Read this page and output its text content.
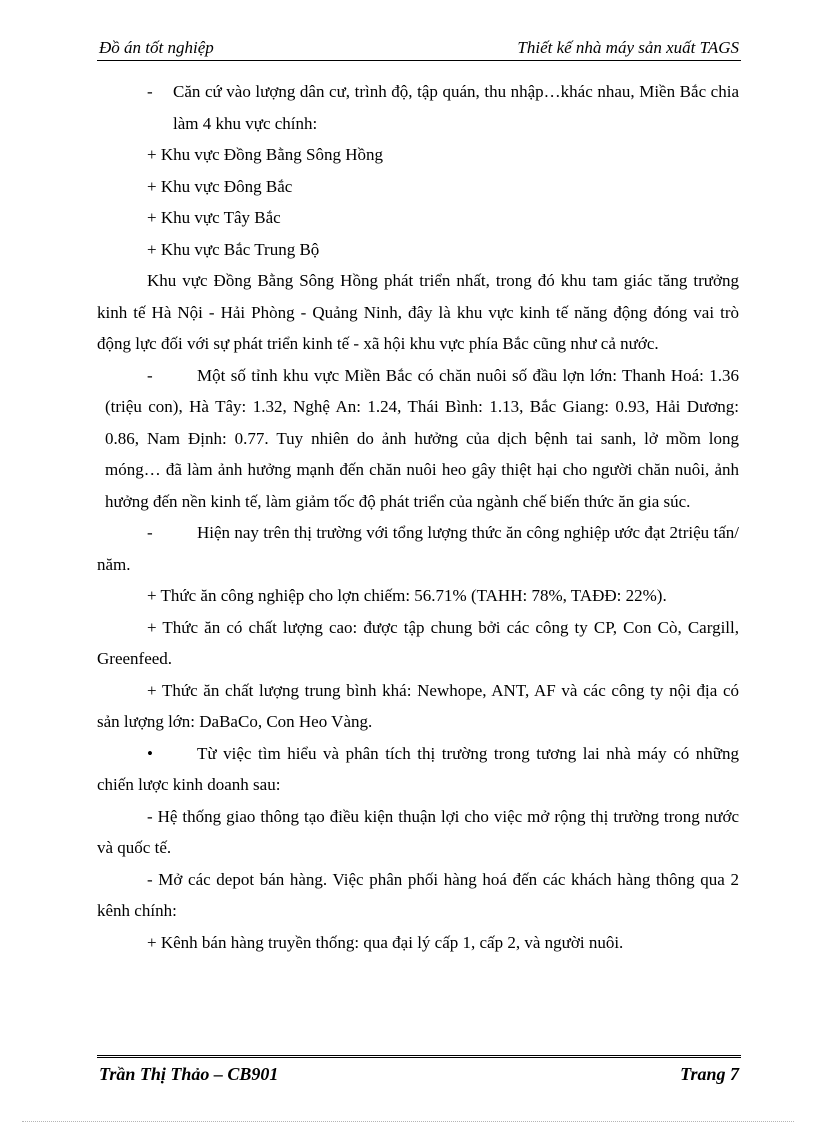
Đồ án tốt nghiệp	Thiết kế nhà máy sản xuất TAGS

- Căn cứ vào lượng dân cư, trình độ, tập quán, thu nhập…khác nhau, Miền Bắc chia làm 4 khu vực chính:

+ Khu vực Đồng Bằng Sông Hồng

+ Khu vực Đông Bắc

+ Khu vực Tây Bắc

+ Khu vực Bắc Trung Bộ

Khu vực Đồng Bằng Sông Hồng phát triển nhất, trong đó khu tam giác tăng trưởng kinh tế Hà Nội - Hải Phòng - Quảng Ninh, đây là khu vực kinh tế năng động đóng vai trò động lực đối với sự phát triển kinh tế - xã hội khu vực phía Bắc cũng như cả nước.

-	Một số tỉnh khu vực Miền Bắc có chăn nuôi số đầu lợn lớn: Thanh Hoá: 1.36 (triệu con), Hà Tây: 1.32, Nghệ An: 1.24, Thái Bình: 1.13, Bắc Giang: 0.93, Hải Dương: 0.86, Nam Định: 0.77. Tuy nhiên do ảnh hưởng của dịch bệnh tai sanh, lở mồm long móng… đã làm ảnh hưởng mạnh đến chăn nuôi heo gây thiệt hại cho người chăn nuôi, ảnh hưởng đến nền kinh tế, làm giảm tốc độ phát triển của ngành chế biến thức ăn gia súc.

-	Hiện nay trên thị trường với tổng lượng thức ăn công nghiệp ước đạt 2triệu tấn/ năm.

+ Thức ăn công nghiệp cho lợn chiếm: 56.71% (TAHH: 78%, TAĐĐ: 22%).

+ Thức ăn có chất lượng cao: được tập chung bởi các công ty CP, Con Cò, Cargill, Greenfeed.

+ Thức ăn chất lượng trung bình khá: Newhope, ANT, AF và các công ty nội địa có sản lượng lớn: DaBaCo, Con Heo Vàng.

•	Từ việc tìm hiểu và phân tích thị trường trong tương lai nhà máy có những chiến lược kinh doanh sau:

- Hệ thống giao thông tạo điều kiện thuận lợi cho việc mở rộng thị trường trong nước và quốc tế.

- Mở các depot bán hàng. Việc phân phối hàng hoá đến các khách hàng thông qua 2 kênh chính:

+ Kênh bán hàng truyền thống: qua đại lý cấp 1, cấp 2, và người nuôi.

Trần Thị Thảo – CB901	Trang 7
